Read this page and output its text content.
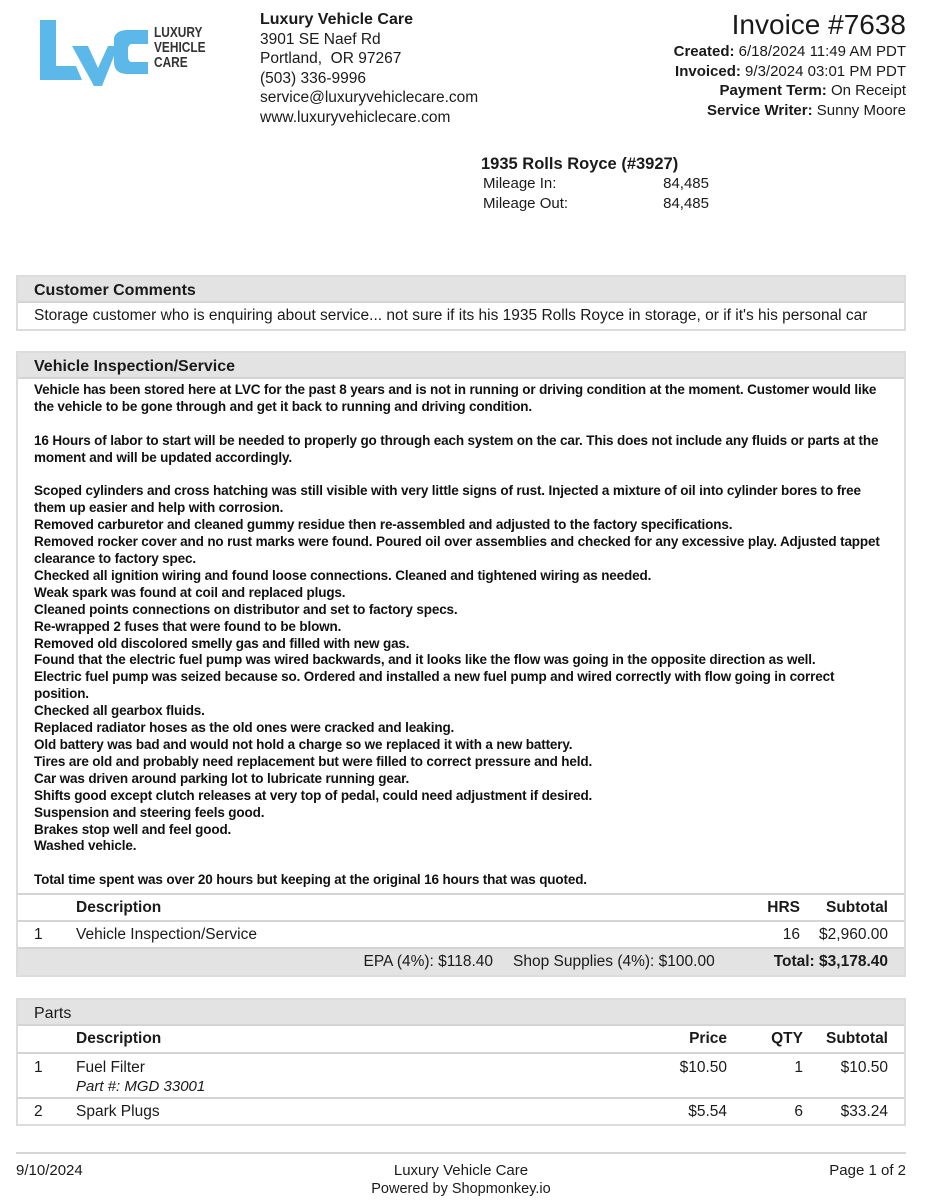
LUXURY
VEHICLE
CARE
Luxury Vehicle Care
3901 SE Naef Rd
Portland,  OR 97267
(503) 336-9996
service@luxuryvehiclecare.com
www.luxuryvehiclecare.com
Invoice #7638
Created: 6/18/2024 11:49 AM PDT
Invoiced: 9/3/2024 03:01 PM PDT
Payment Term: On Receipt
Service Writer: Sunny Moore
1935 Rolls Royce (#3927)
Mileage In:	84,485
Mileage Out:	84,485
Customer Comments
Storage customer who is enquiring about service... not sure if its his 1935 Rolls Royce in storage, or if it's his personal car
Vehicle Inspection/Service

Vehicle has been stored here at LVC for the past 8 years and is not in running or driving condition at the moment. Customer would like the vehicle to be gone through and get it back to running and driving condition.

16 Hours of labor to start will be needed to properly go through each system on the car. This does not include any fluids or parts at the moment and will be updated accordingly.

Scoped cylinders and cross hatching was still visible with very little signs of rust. Injected a mixture of oil into cylinder bores to free them up easier and help with corrosion.

Removed carburetor and cleaned gummy residue then re-assembled and adjusted to the factory specifications.

Removed rocker cover and no rust marks were found. Poured oil over assemblies and checked for any excessive play. Adjusted tappet clearance to factory spec.

Checked all ignition wiring and found loose connections. Cleaned and tightened wiring as needed.

Weak spark was found at coil and replaced plugs.

Cleaned points connections on distributor and set to factory specs.

Re-wrapped 2 fuses that were found to be blown.

Removed old discolored smelly gas and filled with new gas.

Found that the electric fuel pump was wired backwards, and it looks like the flow was going in the opposite direction as well.

Electric fuel pump was seized because so. Ordered and installed a new fuel pump and wired correctly with flow going in correct position.

Checked all gearbox fluids.

Replaced radiator hoses as the old ones were cracked and leaking.

Old battery was bad and would not hold a charge so we replaced it with a new battery.

Tires are old and probably need replacement but were filled to correct pressure and held.

Car was driven around parking lot to lubricate running gear.

Shifts good except clutch releases at very top of pedal, could need adjustment if desired.

Suspension and steering feels good.

Brakes stop well and feel good.

Washed vehicle.

Total time spent was over 20 hours but keeping at the original 16 hours that was quoted.

	Description	HRS	Subtotal
1	Vehicle Inspection/Service	16	$2,960.00

EPA (4%): $118.40 Shop Supplies (4%): $100.00 Total: $3,178.40			
Parts
	Description	Price	QTY	Subtotal
1	Fuel Filter
Part #: MGD 33001	$10.50	1	$10.50
2	Spark Plugs	$5.54	6	$33.24
9/10/2024	Luxury Vehicle Care
Powered by Shopmonkey.io
Page 1 of 2
